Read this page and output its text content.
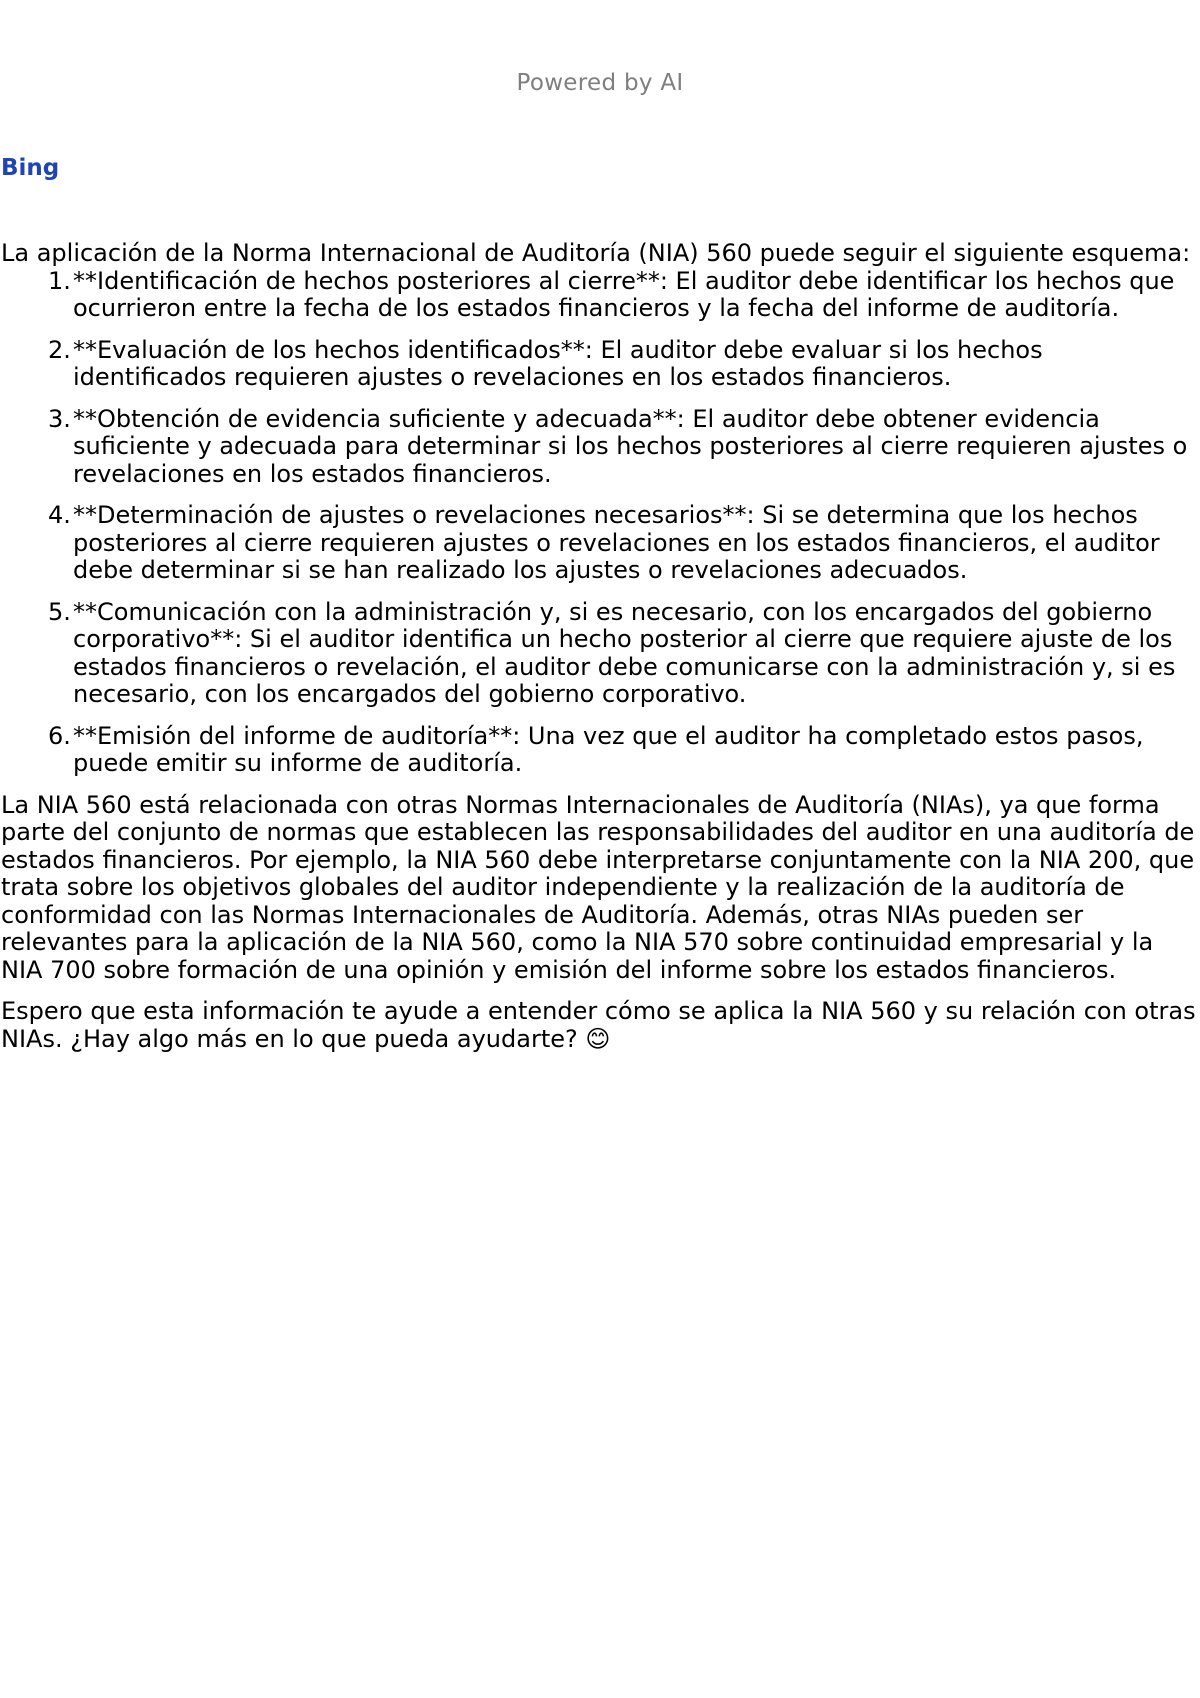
Powered by AI
Bing

La aplicación de la Norma Internacional de Auditoría (NIA) 560 puede seguir el siguiente esquema:

1. **Identificación de hechos posteriores al cierre**: El auditor debe identificar los hechos que ocurrieron entre la fecha de los estados financieros y la fecha del informe de auditoría.
2. **Evaluación de los hechos identificados**: El auditor debe evaluar si los hechos identificados requieren ajustes o revelaciones en los estados financieros.
3. **Obtención de evidencia suficiente y adecuada**: El auditor debe obtener evidencia suficiente y adecuada para determinar si los hechos posteriores al cierre requieren ajustes o revelaciones en los estados financieros.
4. **Determinación de ajustes o revelaciones necesarios**: Si se determina que los hechos posteriores al cierre requieren ajustes o revelaciones en los estados financieros, el auditor debe determinar si se han realizado los ajustes o revelaciones adecuados.
5. **Comunicación con la administración y, si es necesario, con los encargados del gobierno corporativo**: Si el auditor identifica un hecho posterior al cierre que requiere ajuste de los estados financieros o revelación, el auditor debe comunicarse con la administración y, si es necesario, con los encargados del gobierno corporativo.
6. **Emisión del informe de auditoría**: Una vez que el auditor ha completado estos pasos, puede emitir su informe de auditoría.

La NIA 560 está relacionada con otras Normas Internacionales de Auditoría (NIAs), ya que forma parte del conjunto de normas que establecen las responsabilidades del auditor en una auditoría de estados financieros. Por ejemplo, la NIA 560 debe interpretarse conjuntamente con la NIA 200, que trata sobre los objetivos globales del auditor independiente y la realización de la auditoría de conformidad con las Normas Internacionales de Auditoría. Además, otras NIAs pueden ser relevantes para la aplicación de la NIA 560, como la NIA 570 sobre continuidad empresarial y la NIA 700 sobre formación de una opinión y emisión del informe sobre los estados financieros.

Espero que esta información te ayude a entender cómo se aplica la NIA 560 y su relación con otras NIAs. ¿Hay algo más en lo que pueda ayudarte? 😊
